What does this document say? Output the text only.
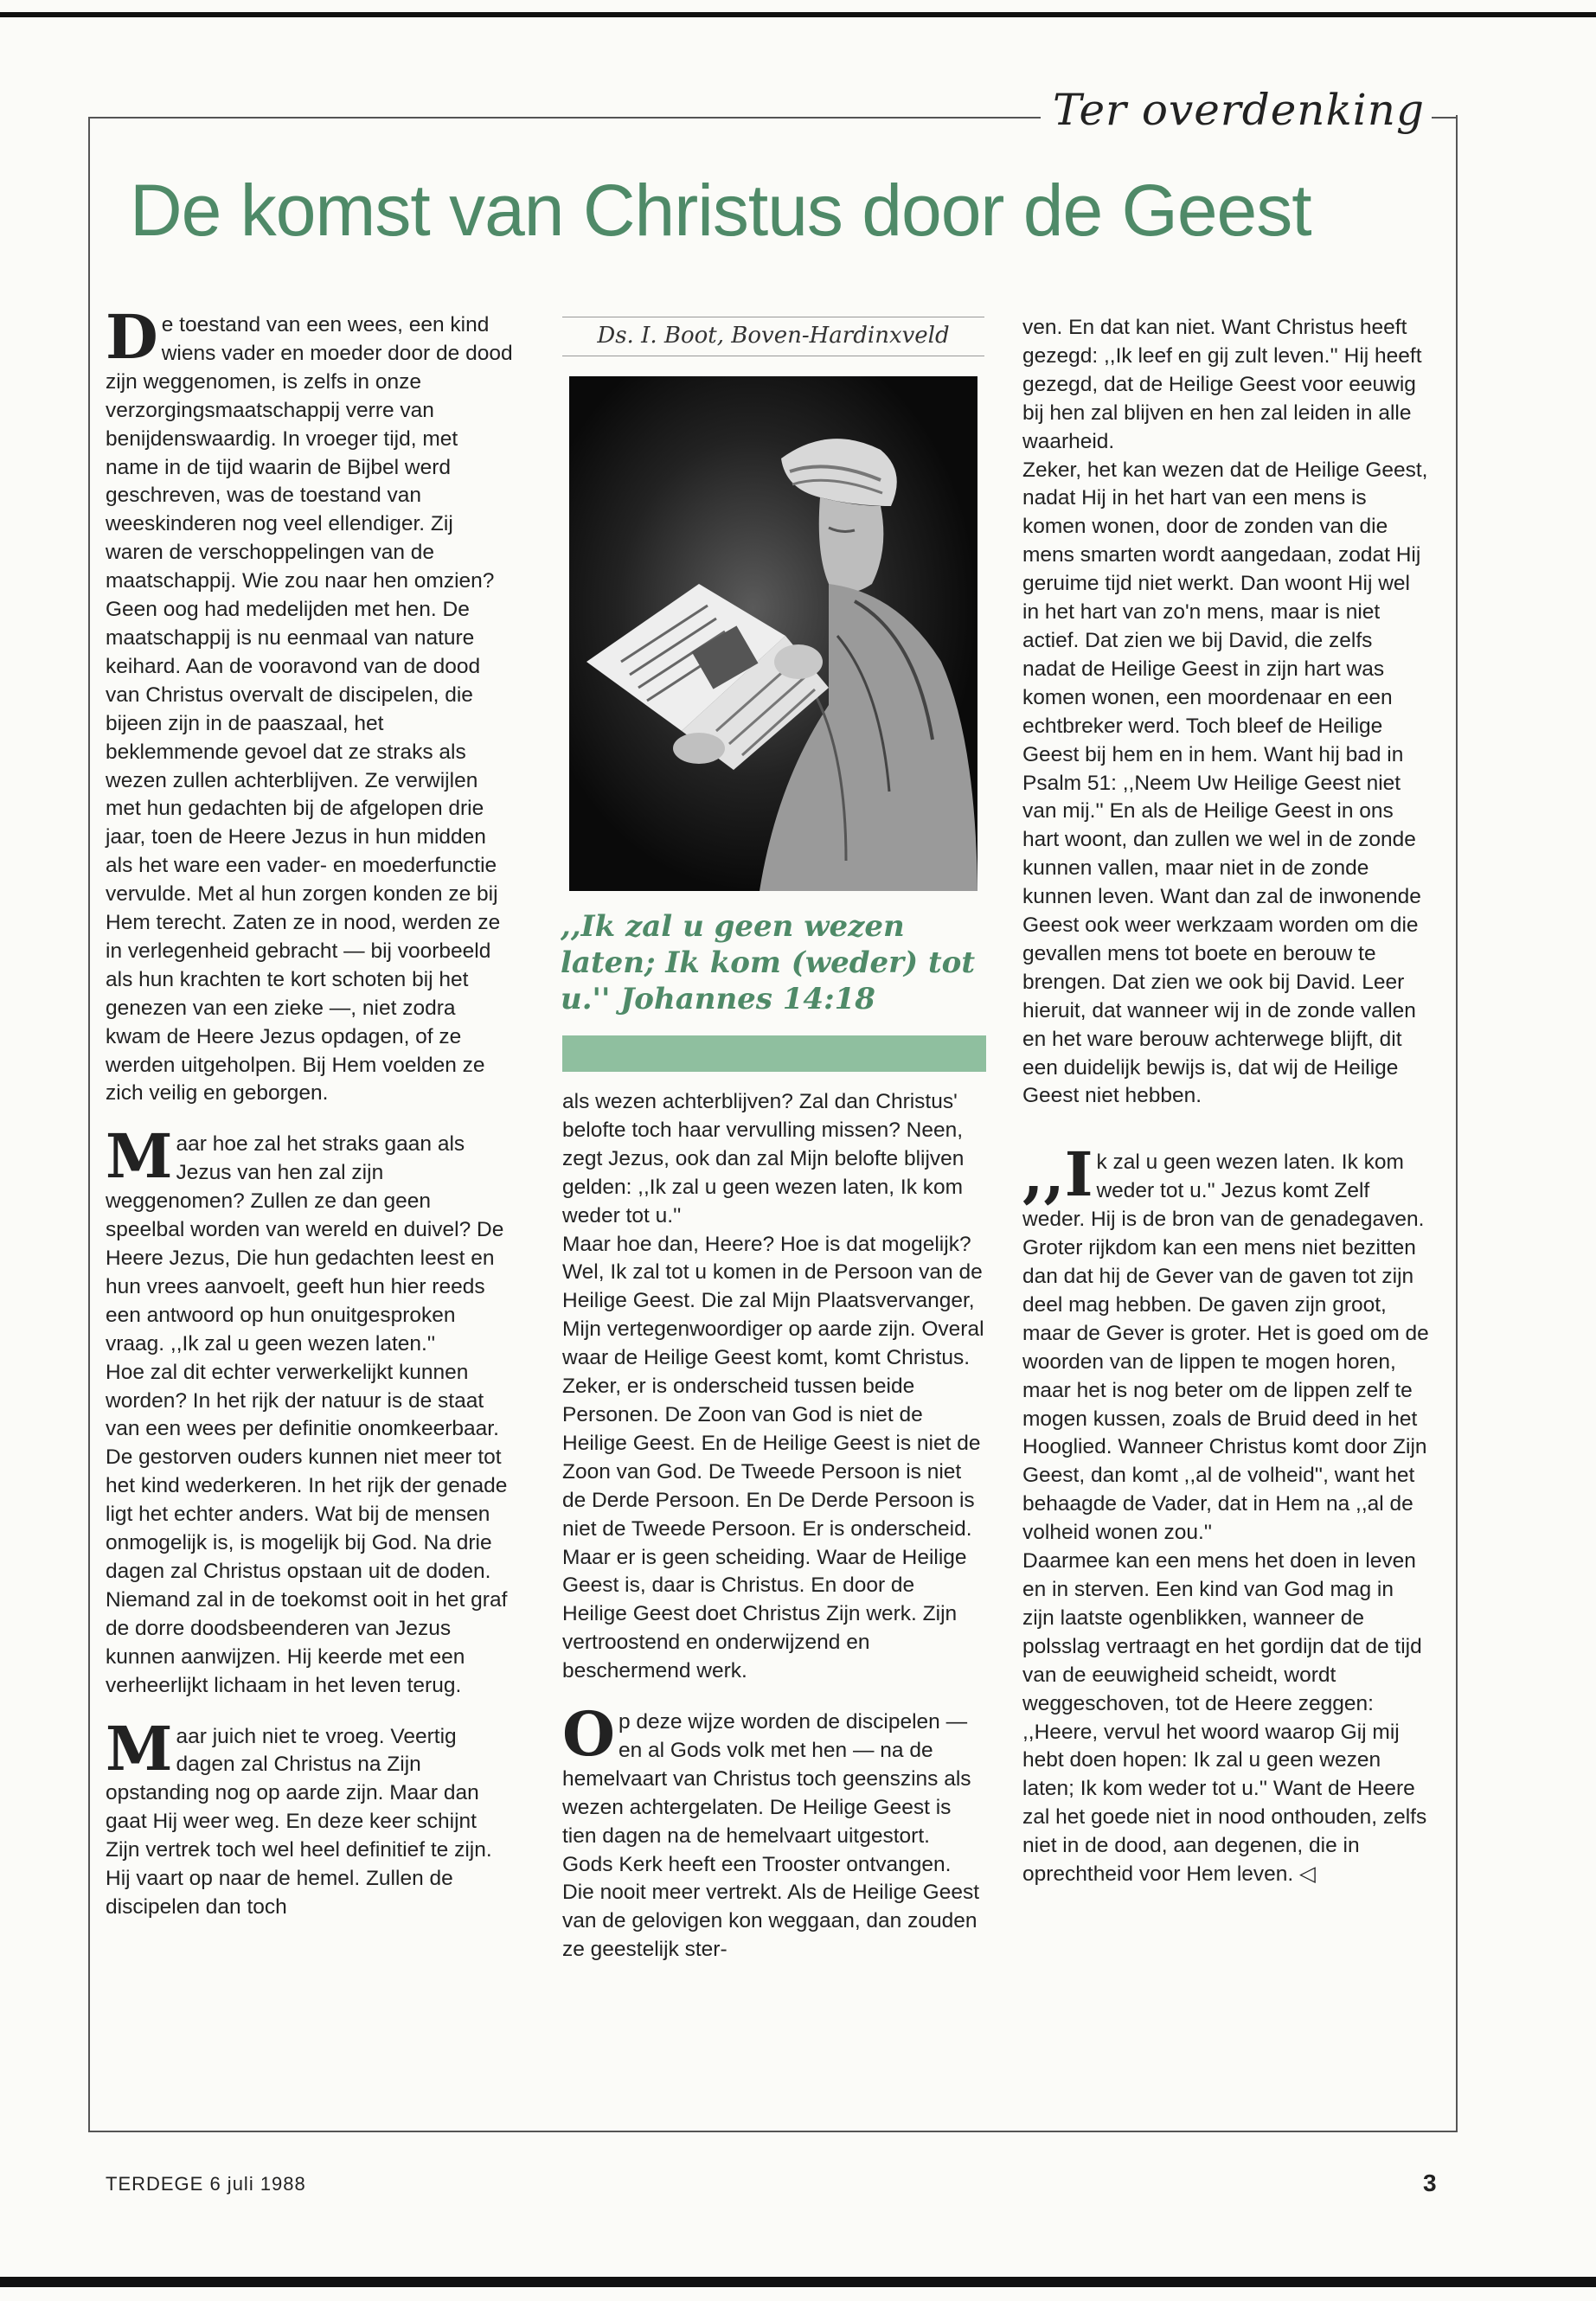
Ter overdenking
De komst van Christus door de Geest

De toestand van een wees, een kind wiens vader en moeder door de dood zijn weggenomen, is zelfs in onze verzorgingsmaatschappij verre van benijdenswaardig. In vroeger tijd, met name in de tijd waarin de Bijbel werd geschreven, was de toestand van weeskinderen nog veel ellendiger. Zij waren de verschoppelingen van de maatschappij. Wie zou naar hen omzien? Geen oog had medelijden met hen. De maatschappij is nu eenmaal van nature keihard. Aan de vooravond van de dood van Christus overvalt de discipelen, die bijeen zijn in de paaszaal, het beklemmende gevoel dat ze straks als wezen zullen achterblijven. Ze verwijlen met hun gedachten bij de afgelopen drie jaar, toen de Heere Jezus in hun midden als het ware een vader- en moederfunctie vervulde. Met al hun zorgen konden ze bij Hem terecht. Zaten ze in nood, werden ze in verlegenheid gebracht — bij voorbeeld als hun krachten te kort schoten bij het genezen van een zieke —, niet zodra kwam de Heere Jezus opdagen, of ze werden uitgeholpen. Bij Hem voelden ze zich veilig en geborgen.

Maar hoe zal het straks gaan als Jezus van hen zal zijn weggenomen? Zullen ze dan geen speelbal worden van wereld en duivel? De Heere Jezus, Die hun gedachten leest en hun vrees aanvoelt, geeft hun hier reeds een antwoord op hun onuitgesproken vraag. ,,Ik zal u geen wezen laten.''

Hoe zal dit echter verwerkelijkt kunnen worden? In het rijk der natuur is de staat van een wees per definitie onomkeerbaar. De gestorven ouders kunnen niet meer tot het kind wederkeren. In het rijk der genade ligt het echter anders. Wat bij de mensen onmogelijk is, is mogelijk bij God. Na drie dagen zal Christus opstaan uit de doden. Niemand zal in de toekomst ooit in het graf de dorre doodsbeenderen van Jezus kunnen aanwijzen. Hij keerde met een verheerlijkt lichaam in het leven terug.

Maar juich niet te vroeg. Veertig dagen zal Christus na Zijn opstanding nog op aarde zijn. Maar dan gaat Hij weer weg. En deze keer schijnt Zijn vertrek toch wel heel definitief te zijn. Hij vaart op naar de hemel. Zullen de discipelen dan toch

Ds. I. Boot, Boven-Hardinxveld
,,Ik zal u geen wezen laten; Ik kom (weder) tot u.'' Johannes 14:18

als wezen achterblijven? Zal dan Christus' belofte toch haar vervulling missen? Neen, zegt Jezus, ook dan zal Mijn belofte blijven gelden: ,,Ik zal u geen wezen laten, Ik kom weder tot u.''

Maar hoe dan, Heere? Hoe is dat mogelijk? Wel, Ik zal tot u komen in de Persoon van de Heilige Geest. Die zal Mijn Plaatsvervanger, Mijn vertegenwoordiger op aarde zijn. Overal waar de Heilige Geest komt, komt Christus. Zeker, er is onderscheid tussen beide Personen. De Zoon van God is niet de Heilige Geest. En de Heilige Geest is niet de Zoon van God. De Tweede Persoon is niet de Derde Persoon. En De Derde Persoon is niet de Tweede Persoon. Er is onderscheid. Maar er is geen scheiding. Waar de Heilige Geest is, daar is Christus. En door de Heilige Geest doet Christus Zijn werk. Zijn vertroostend en onderwijzend en beschermend werk.

Op deze wijze worden de discipelen — en al Gods volk met hen — na de hemelvaart van Christus toch geenszins als wezen achtergelaten. De Heilige Geest is tien dagen na de hemelvaart uitgestort. Gods Kerk heeft een Trooster ontvangen. Die nooit meer vertrekt. Als de Heilige Geest van de gelovigen kon weggaan, dan zouden ze geestelijk ster-

ven. En dat kan niet. Want Christus heeft gezegd: ,,Ik leef en gij zult leven.'' Hij heeft gezegd, dat de Heilige Geest voor eeuwig bij hen zal blijven en hen zal leiden in alle waarheid.

Zeker, het kan wezen dat de Heilige Geest, nadat Hij in het hart van een mens is komen wonen, door de zonden van die mens smarten wordt aangedaan, zodat Hij geruime tijd niet werkt. Dan woont Hij wel in het hart van zo'n mens, maar is niet actief. Dat zien we bij David, die zelfs nadat de Heilige Geest in zijn hart was komen wonen, een moordenaar en een echtbreker werd. Toch bleef de Heilige Geest bij hem en in hem. Want hij bad in Psalm 51: ,,Neem Uw Heilige Geest niet van mij.'' En als de Heilige Geest in ons hart woont, dan zullen we wel in de zonde kunnen vallen, maar niet in de zonde kunnen leven. Want dan zal de inwonende Geest ook weer werkzaam worden om die gevallen mens tot boete en berouw te brengen. Dat zien we ook bij David. Leer hieruit, dat wanneer wij in de zonde vallen en het ware berouw achterwege blijft, dit een duidelijk bewijs is, dat wij de Heilige Geest niet hebben.

,,I k zal u geen wezen laten. Ik kom weder tot u.'' Jezus komt Zelf weder. Hij is de bron van de genadegaven. Groter rijkdom kan een mens niet bezitten dan dat hij de Gever van de gaven tot zijn deel mag hebben. De gaven zijn groot, maar de Gever is groter. Het is goed om de woorden van de lippen te mogen horen, maar het is nog beter om de lippen zelf te mogen kussen, zoals de Bruid deed in het Hooglied. Wanneer Christus komt door Zijn Geest, dan komt ,,al de volheid'', want het behaagde de Vader, dat in Hem na ,,al de volheid wonen zou.''

Daarmee kan een mens het doen in leven en in sterven. Een kind van God mag in zijn laatste ogenblikken, wanneer de polsslag vertraagt en het gordijn dat de tijd van de eeuwigheid scheidt, wordt weggeschoven, tot de Heere zeggen: ,,Heere, vervul het woord waarop Gij mij hebt doen hopen: Ik zal u geen wezen laten; Ik kom weder tot u.'' Want de Heere zal het goede niet in nood onthouden, zelfs niet in de dood, aan degenen, die in oprechtheid voor Hem leven. ◁

TERDEGE 6 juli 1988	3
